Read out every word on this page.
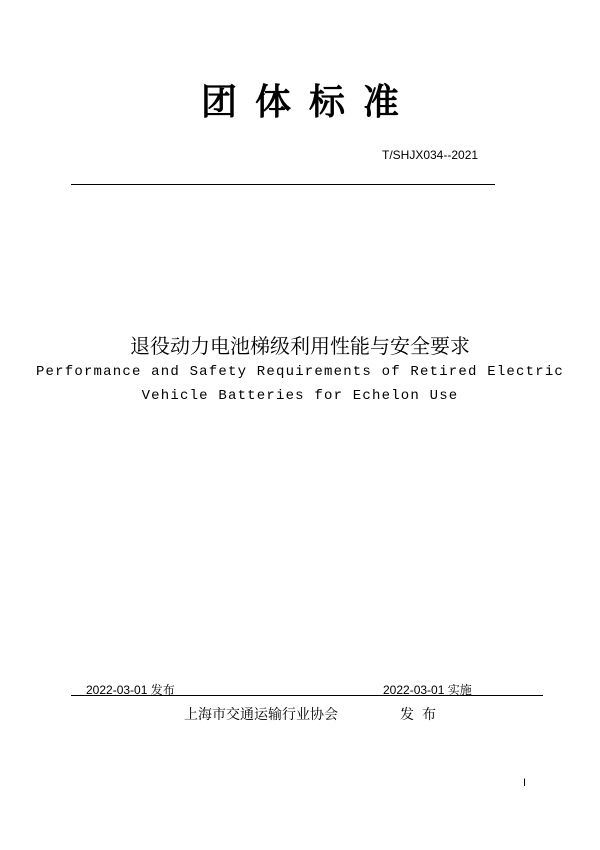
团体标准
T/SHJX034--2021
退役动力电池梯级利用性能与安全要求
Performance and Safety Requirements of Retired Electric
Vehicle Batteries for Echelon Use
2022-03-01 发布	2022-03-01 实施
上海市交通运输行业协会	发布
I
